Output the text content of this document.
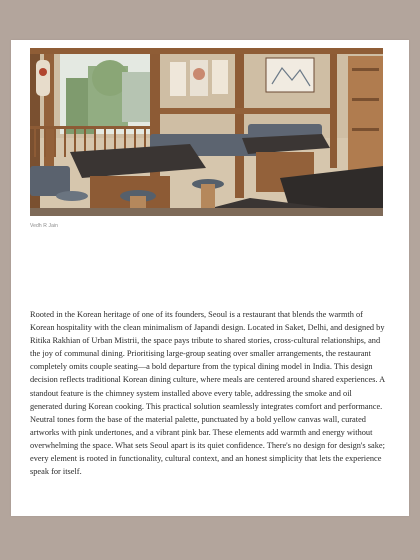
Vedh R Jain

Rooted in the Korean heritage of one of its founders, Seoul is a restaurant that blends the warmth of Korean hospitality with the clean minimalism of Japandi design. Located in Saket, Delhi, and designed by Ritika Rakhian of Urban Mistrii, the space pays tribute to shared stories, cross-cultural relationships, and the joy of communal dining. Prioritising large-group seating over smaller arrangements, the restaurant completely omits couple seating—a bold departure from the typical dining model in India. This design decision reflects traditional Korean dining culture, where meals are centered around shared experiences. A standout feature is the chimney system installed above every table, addressing the smoke and oil generated during Korean cooking. This practical solution seamlessly integrates comfort and performance. Neutral tones form the base of the material palette, punctuated by a bold yellow canvas wall, curated artworks with pink undertones, and a vibrant pink bar. These elements add warmth and energy without overwhelming the space. What sets Seoul apart is its quiet confidence. There's no design for design's sake; every element is rooted in functionality, cultural context, and an honest simplicity that lets the experience speak for itself.
